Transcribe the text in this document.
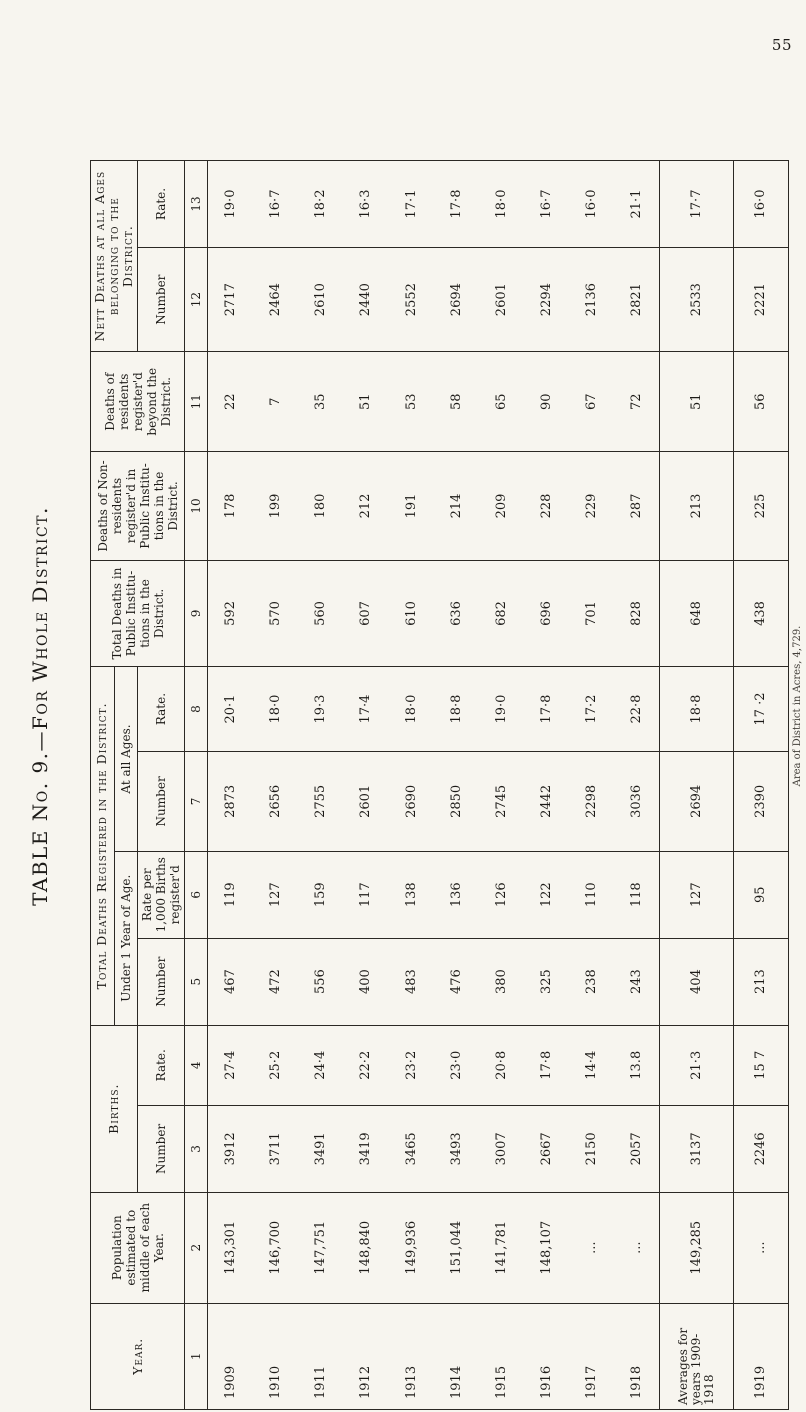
55
TABLE No. 9.—For Whole District.	Area of District in Acres, 4,729.
Year.	Population estimated to middle of each Year.	Births.		Total Deaths Registered in the District.				Total Deaths in Public Institu-tions in the District.	Deaths of Non-residents register'd in Public Institu-tions in the District.	Deaths of residents register'd beyond the District.	Nett Deaths at all Ages belonging to the District.	
				Under 1 Year of Age.		At all Ages.						
		Number	Rate.	Number	Rate per 1,000 Births register'd	Number	Rate.				Number	Rate.
1	2	3	4	5	6	7	8	9	10	11	12	13
1909	143,301	3912	27·4	467	119	2873	20·1	592	178	22	2717	19·0
1910	146,700	3711	25·2	472	127	2656	18·0	570	199	7	2464	16·7
1911	147,751	3491	24·4	556	159	2755	19·3	560	180	35	2610	18·2
1912	148,840	3419	22·2	400	117	2601	17·4	607	212	51	2440	16·3
1913	149,936	3465	23·2	483	138	2690	18·0	610	191	53	2552	17·1
1914	151,044	3493	23·0	476	136	2850	18·8	636	214	58	2694	17·8
1915	141,781	3007	20·8	380	126	2745	19·0	682	209	65	2601	18·0
1916	148,107	2667	17·8	325	122	2442	17·8	696	228	90	2294	16·7
1917	...	2150	14·4	238	110	2298	17·2	701	229	67	2136	16·0
1918	...	2057	13.8	243	118	3036	22·8	828	287	72	2821	21·1
Averages for years 1909-1918	149,285	3137	21·3	404	127	2694	18·8	648	213	51	2533	17·7
1919	...	2246	15 7	213	95	2390	17 ·2	438	225	56	2221	16·0
